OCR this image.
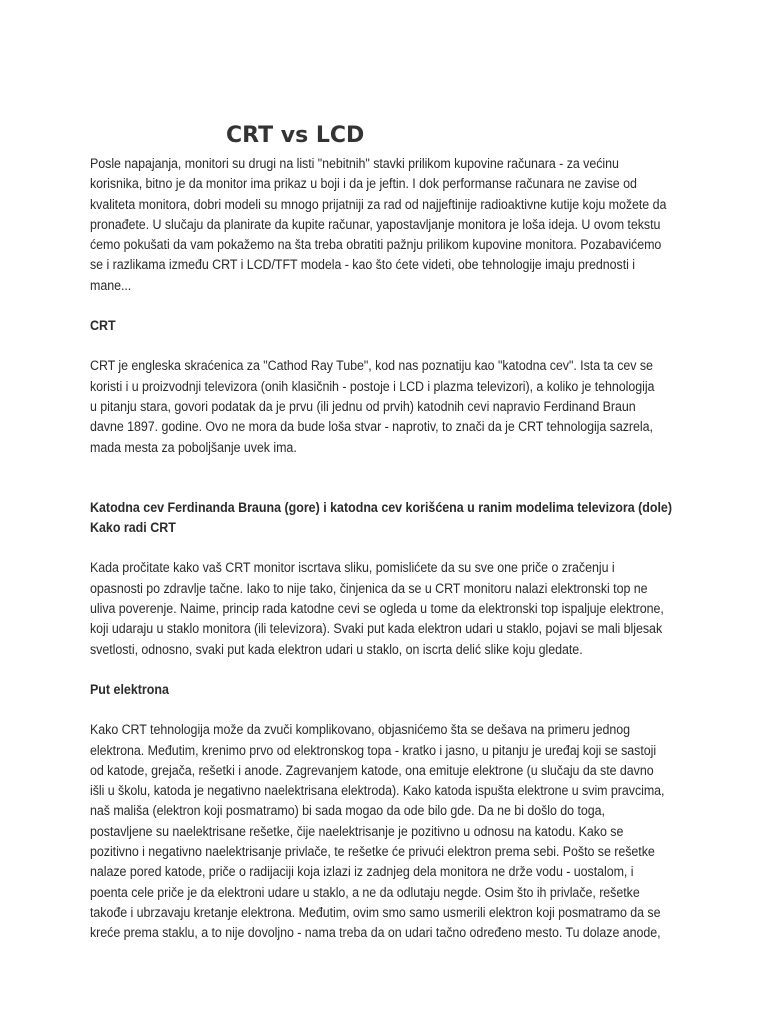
CRT vs LCD

Posle napajanja, monitori su drugi na listi "nebitnih" stavki prilikom kupovine računara - za većinu
korisnika, bitno je da monitor ima prikaz u boji i da je jeftin. I dok performanse računara ne zavise od
kvaliteta monitora, dobri modeli su mnogo prijatniji za rad od najjeftinije radioaktivne kutije koju možete da
pronađete. U slučaju da planirate da kupite računar, yapostavljanje monitora je loša ideja. U ovom tekstu
ćemo pokušati da vam pokažemo na šta treba obratiti pažnju prilikom kupovine monitora. Pozabavićemo
se i razlikama između CRT i LCD/TFT modela - kao što ćete videti, obe tehnologije imaju prednosti i
mane...

CRT

CRT je engleska skraćenica za "Cathod Ray Tube", kod nas poznatiju kao "katodna cev". Ista ta cev se
koristi i u proizvodnji televizora (onih klasičnih - postoje i LCD i plazma televizori), a koliko je tehnologija
u pitanju stara, govori podatak da je prvu (ili jednu od prvih) katodnih cevi napravio Ferdinand Braun
davne 1897. godine. Ovo ne mora da bude loša stvar - naprotiv, to znači da je CRT tehnologija sazrela,
mada mesta za poboljšanje uvek ima.

Katodna cev Ferdinanda Brauna (gore) i katodna cev korišćena u ranim modelima televizora (dole)

Kako radi CRT

Kada pročitate kako vaš CRT monitor iscrtava sliku, pomislićete da su sve one priče o zračenju i
opasnosti po zdravlje tačne. Iako to nije tako, činjenica da se u CRT monitoru nalazi elektronski top ne
uliva poverenje. Naime, princip rada katodne cevi se ogleda u tome da elektronski top ispaljuje elektrone,
koji udaraju u staklo monitora (ili televizora). Svaki put kada elektron udari u staklo, pojavi se mali bljesak
svetlosti, odnosno, svaki put kada elektron udari u staklo, on iscrta delić slike koju gledate.

Put elektrona

Kako CRT tehnologija može da zvuči komplikovano, objasnićemo šta se dešava na primeru jednog
elektrona. Međutim, krenimo prvo od elektronskog topa - kratko i jasno, u pitanju je uređaj koji se sastoji
od katode, grejača, rešetki i anode. Zagrevanjem katode, ona emituje elektrone (u slučaju da ste davno
išli u školu, katoda je negativno naelektrisana elektroda). Kako katoda ispušta elektrone u svim pravcima,
naš mališa (elektron koji posmatramo) bi sada mogao da ode bilo gde. Da ne bi došlo do toga,
postavljene su naelektrisane rešetke, čije naelektrisanje je pozitivno u odnosu na katodu. Kako se
pozitivno i negativno naelektrisanje privlače, te rešetke će privući elektron prema sebi. Pošto se rešetke
nalaze pored katode, priče o radijaciji koja izlazi iz zadnjeg dela monitora ne drže vodu - uostalom, i
poenta cele priče je da elektroni udare u staklo, a ne da odlutaju negde. Osim što ih privlače, rešetke
takođe i ubrzavaju kretanje elektrona. Međutim, ovim smo samo usmerili elektron koji posmatramo da se
kreće prema staklu, a to nije dovoljno - nama treba da on udari tačno određeno mesto. Tu dolaze anode,
